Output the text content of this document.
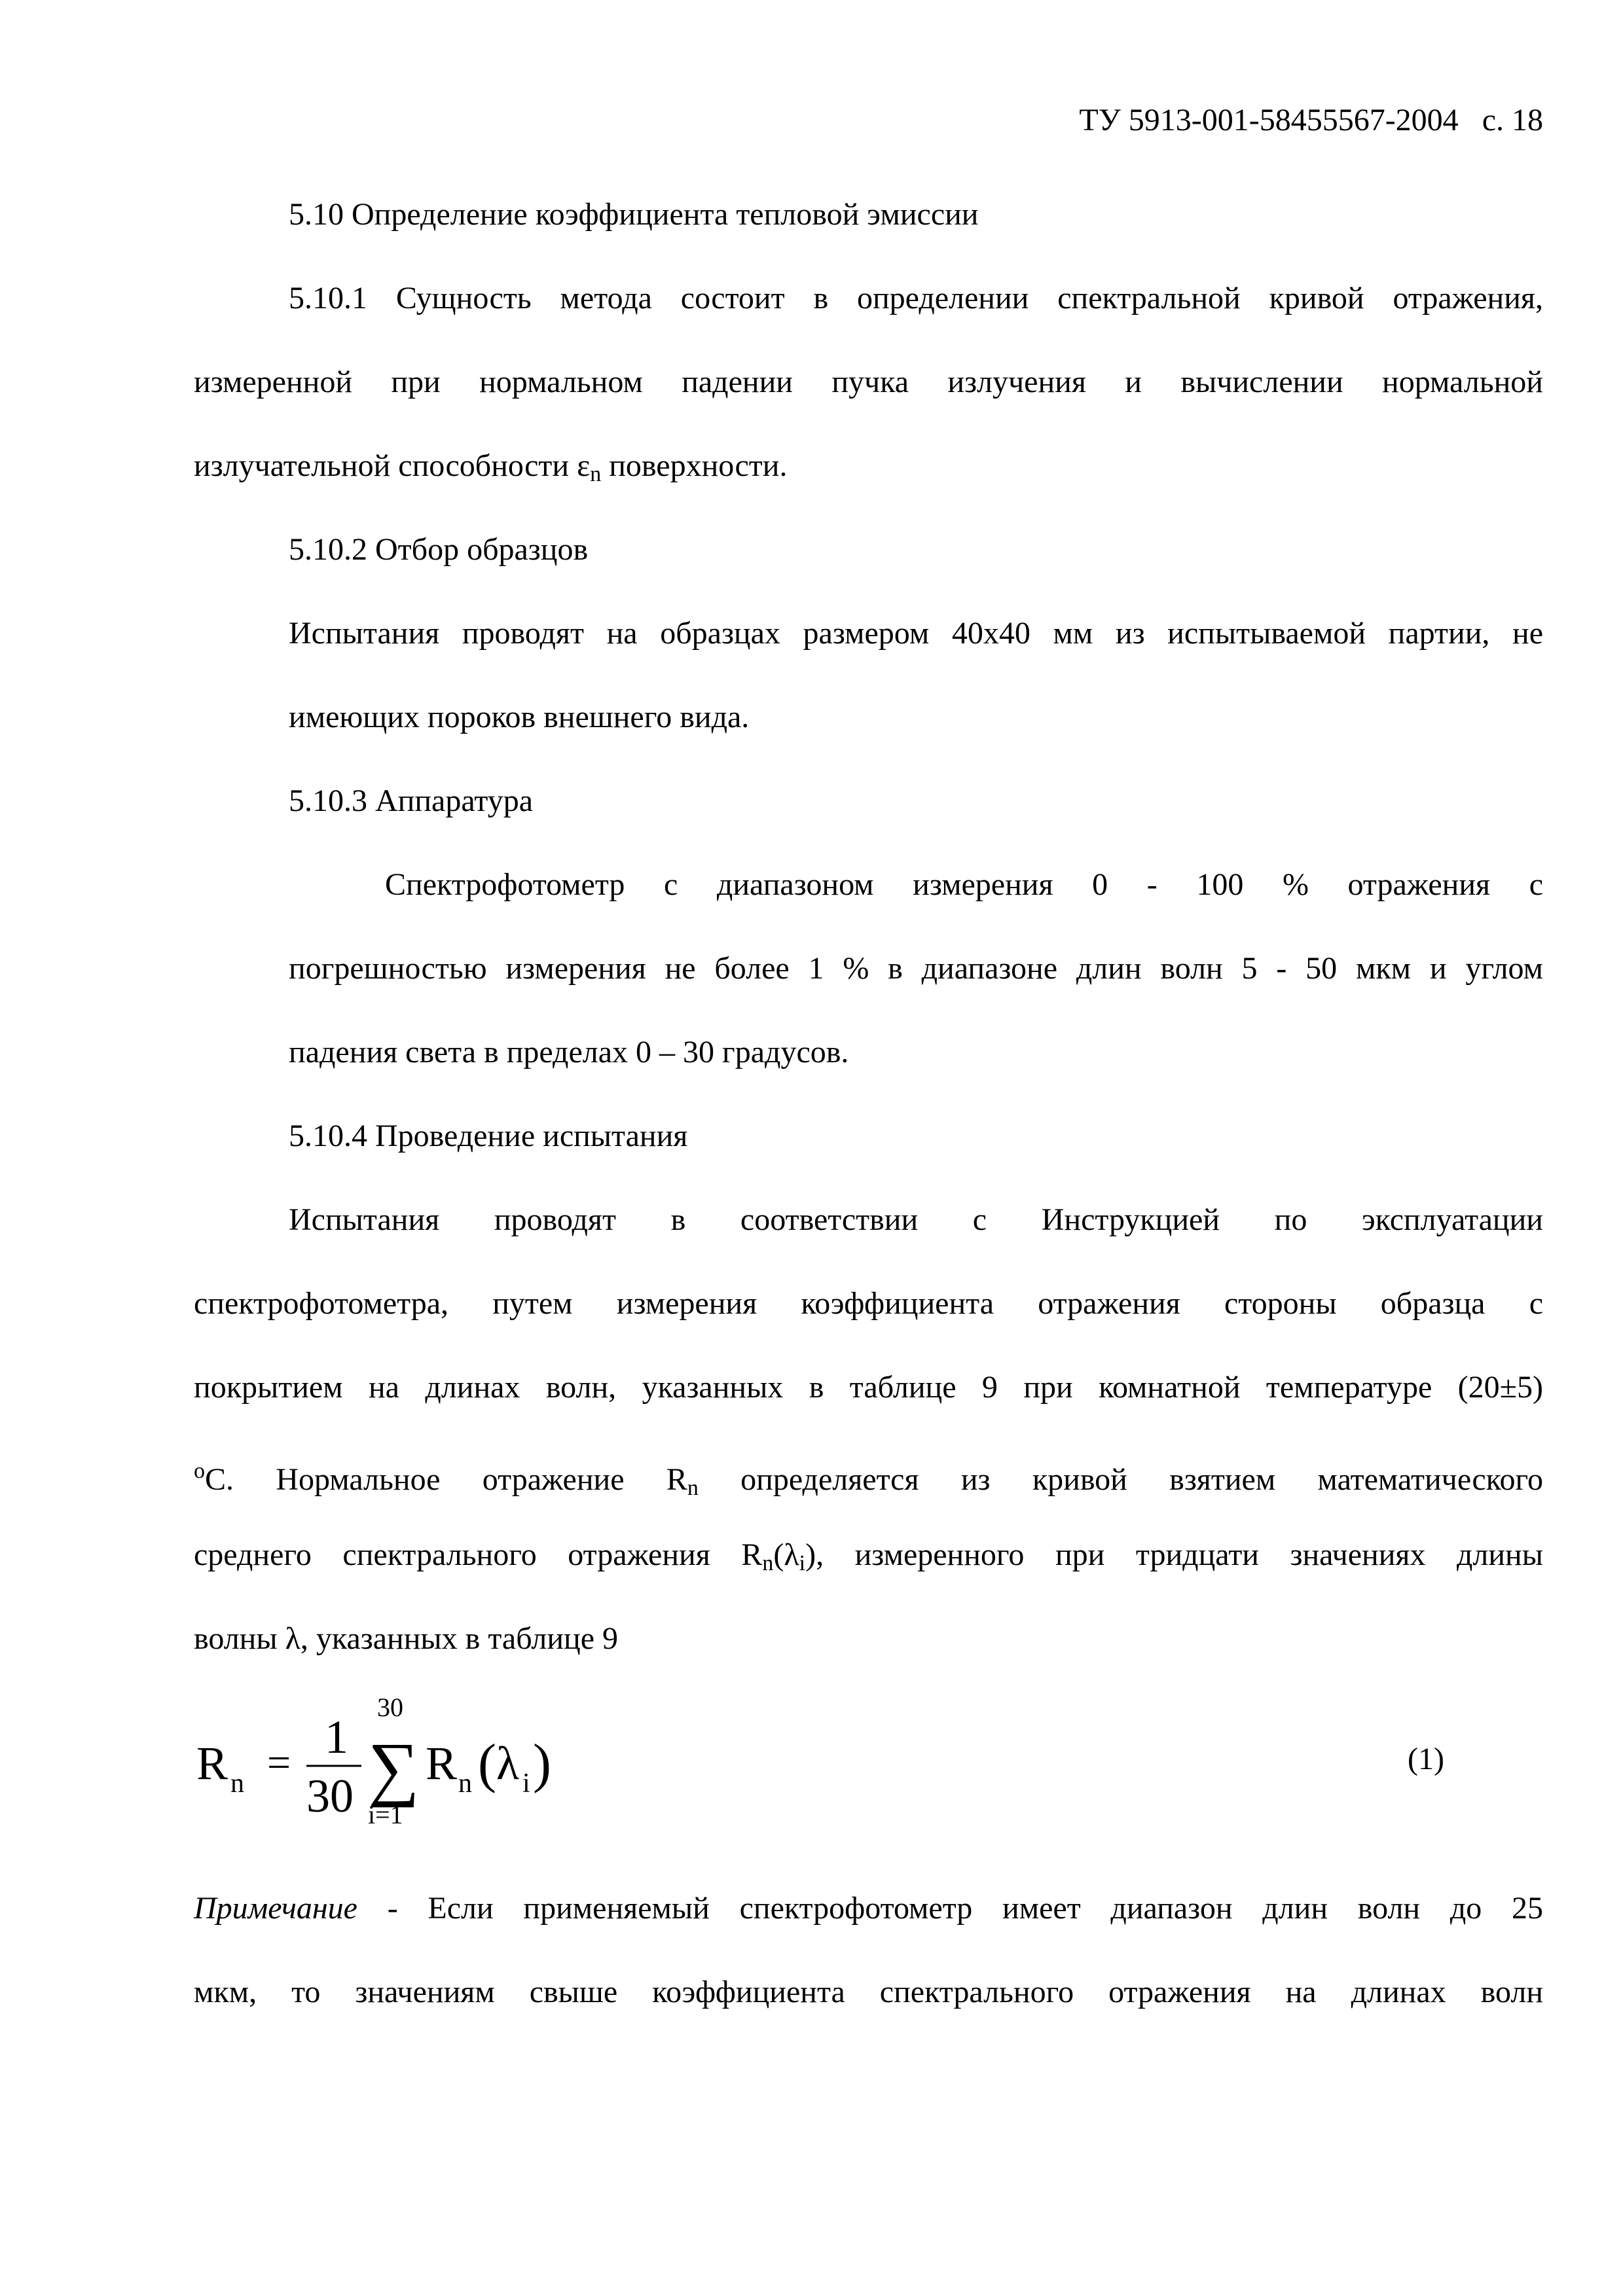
ТУ 5913-001-58455567-2004 с. 18
5.10 Определение коэффициента тепловой эмиссии
5.10.1 Сущность метода состоит в определении спектральной кривой отражения,
измеренной при нормальном падении пучка излучения и вычислении нормальной
излучательной способности $\varepsilon_n$ поверхности.
5.10.2 Отбор образцов
Испытания проводят на образцах размером 40х40 мм из испытываемой партии, не
имеющих пороков внешнего вида.
5.10.3 Аппаратура
Спектрофотометр с диапазоном измерения 0 - 100 % отражения с
погрешностью измерения не более 1 % в диапазоне длин волн 5 - 50 мкм и углом
падения света в пределах 0 – 30 градусов.
5.10.4 Проведение испытания
Испытания проводят в соответствии с Инструкцией по эксплуатации
спектрофотометра, путем измерения коэффициента отражения стороны образца с
покрытием на длинах волн, указанных в таблице 9 при комнатной температуре (20±5)
$^о$С. Нормальное отражение $R_n$ определяется из кривой взятием математического
среднего спектрального отражения $R_n(\lambda_i)$, измеренного при тридцати значениях длины
волны λ, указанных в таблице 9
R n = 1
30
30
∑
i=1
R n ( λ i )	(1)
Примечание - Если применяемый спектрофотометр имеет диапазон длин волн до 25
мкм, то значениям свыше коэффициента спектрального отражения на длинах волн
